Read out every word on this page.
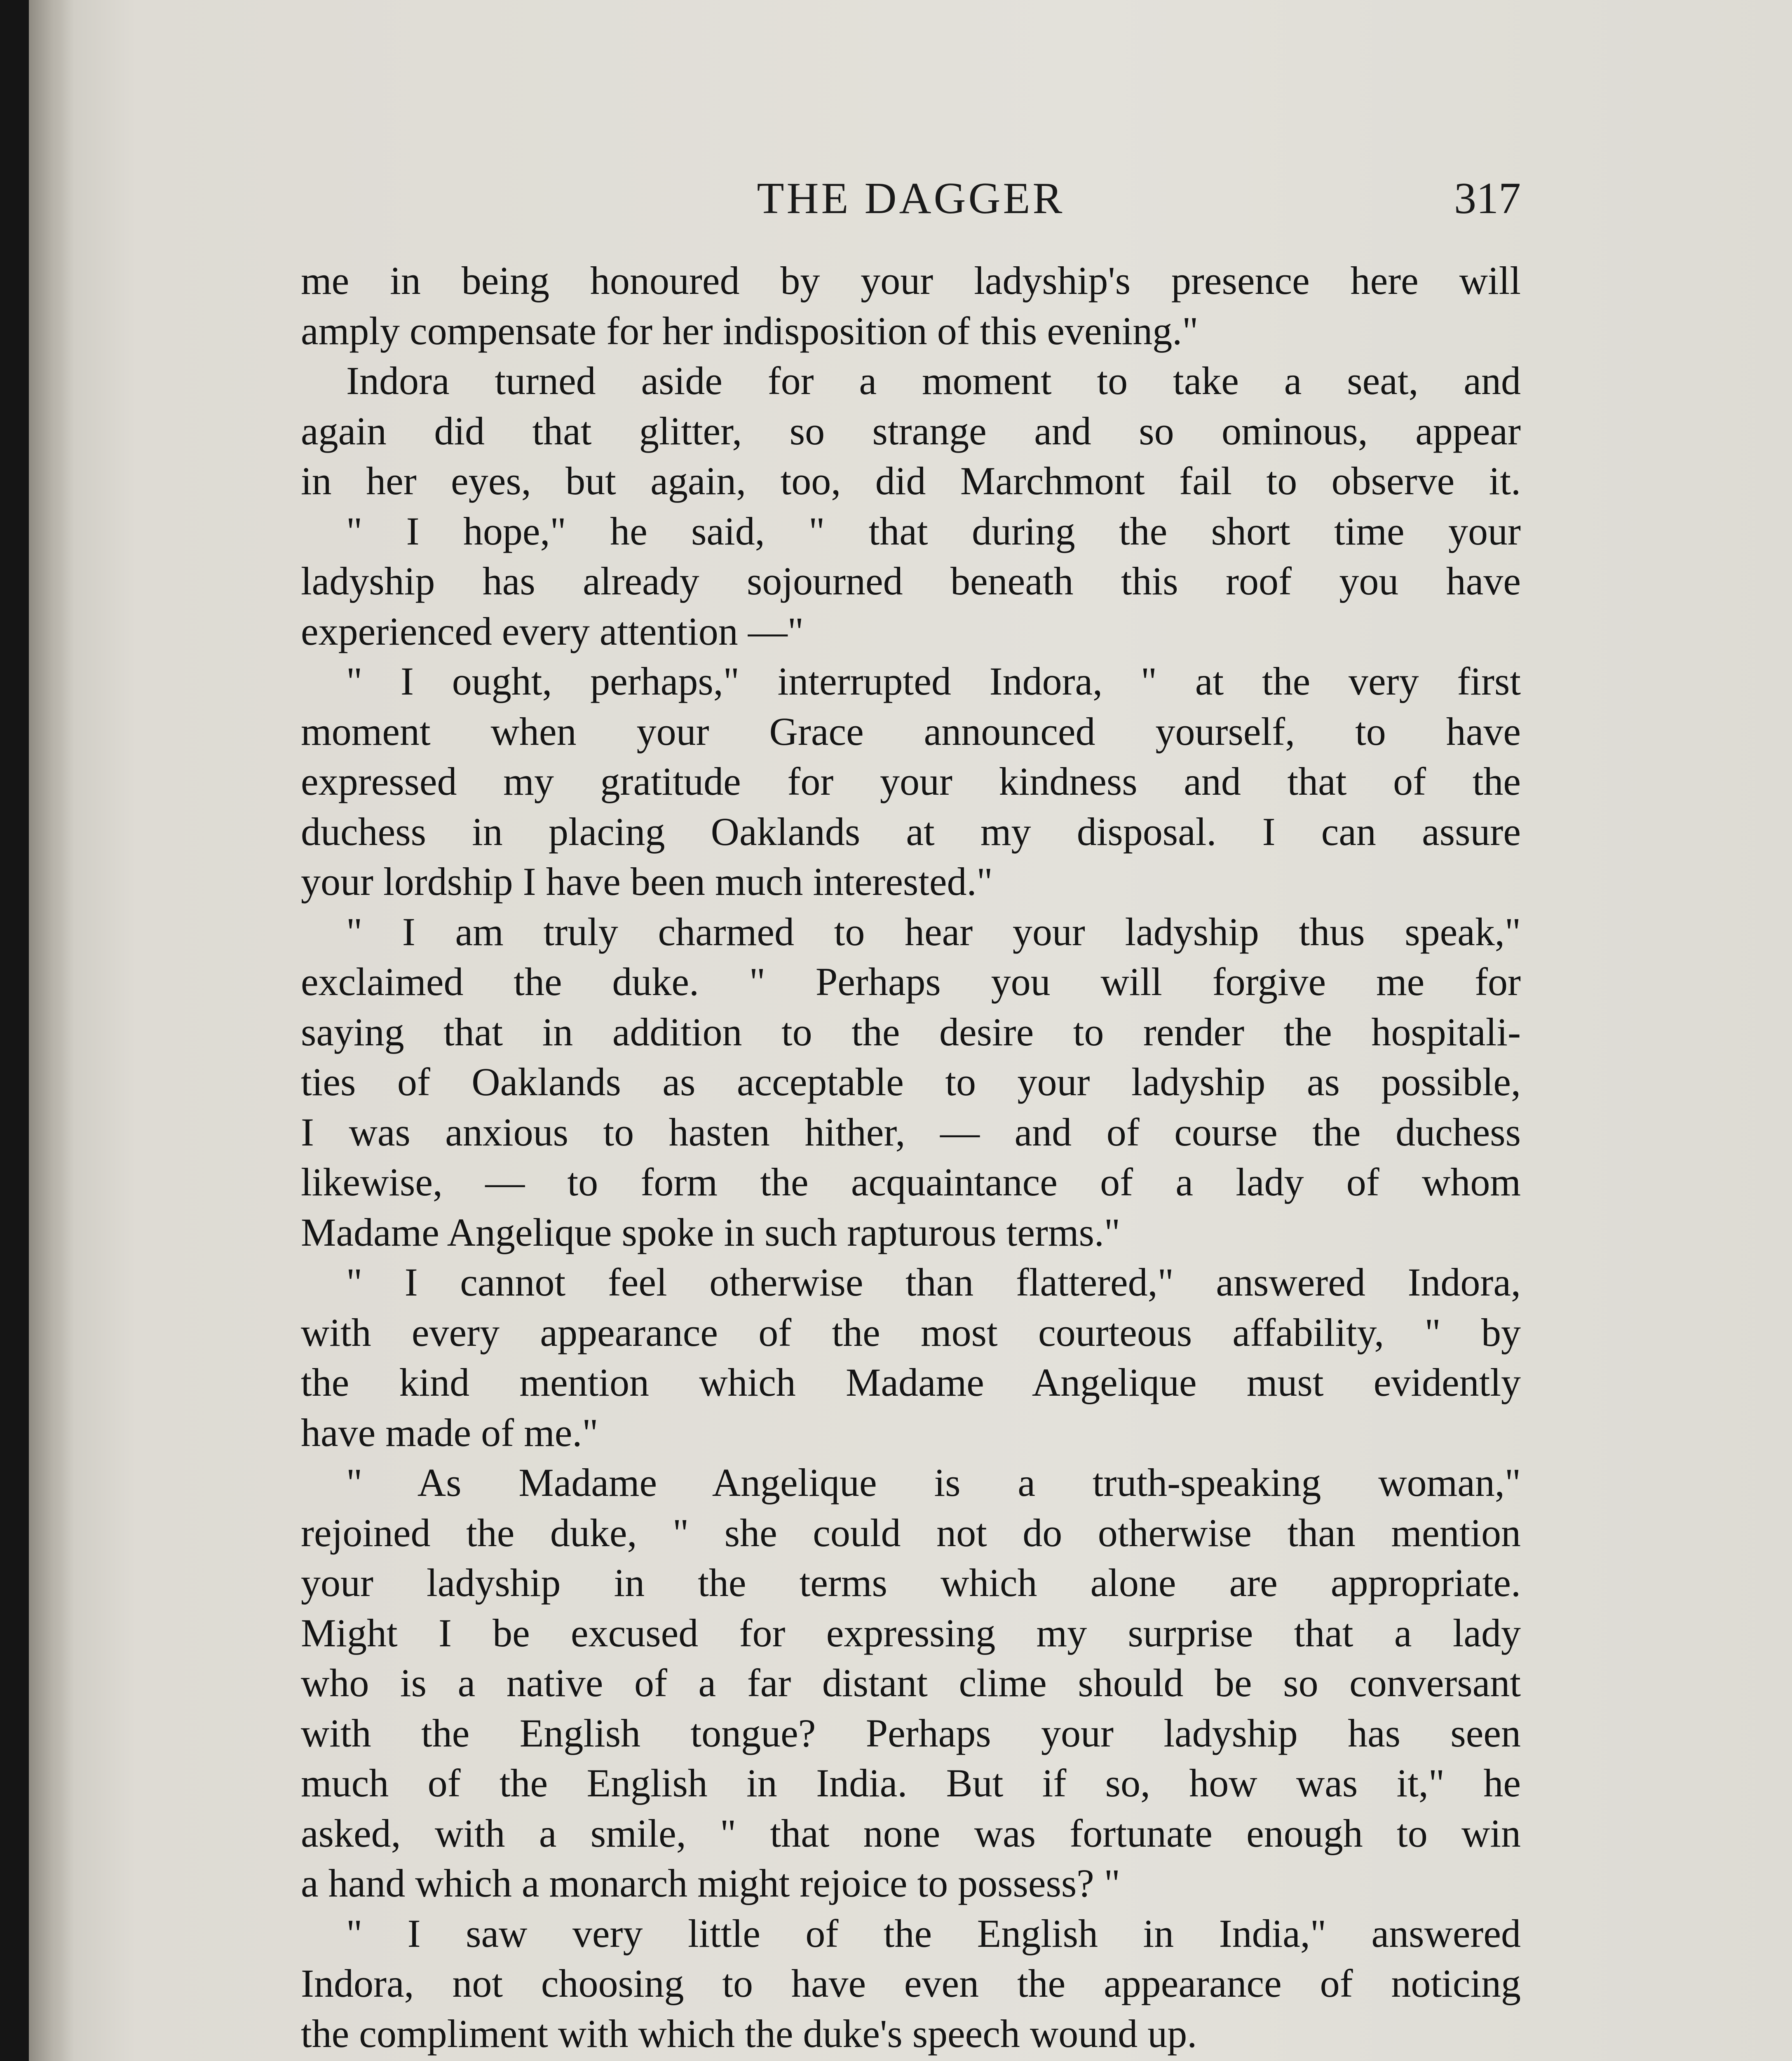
THE DAGGER	317
me in being honoured by your ladyship's presence here will
amply compensate for her indisposition of this evening."
Indora turned aside for a moment to take a seat, and
again did that glitter, so strange and so ominous, appear
in her eyes, but again, too, did Marchmont fail to observe it.
" I hope," he said, " that during the short time your
ladyship has already sojourned beneath this roof you have
experienced every attention —"
" I ought, perhaps," interrupted Indora, " at the very first
moment when your Grace announced yourself, to have
expressed my gratitude for your kindness and that of the
duchess in placing Oaklands at my disposal. I can assure
your lordship I have been much interested."
" I am truly charmed to hear your ladyship thus speak,"
exclaimed the duke. " Perhaps you will forgive me for
saying that in addition to the desire to render the hospitali-
ties of Oaklands as acceptable to your ladyship as possible,
I was anxious to hasten hither, — and of course the duchess
likewise, — to form the acquaintance of a lady of whom
Madame Angelique spoke in such rapturous terms."
" I cannot feel otherwise than flattered," answered Indora,
with every appearance of the most courteous affability, " by
the kind mention which Madame Angelique must evidently
have made of me."
" As Madame Angelique is a truth-speaking woman,"
rejoined the duke, " she could not do otherwise than mention
your ladyship in the terms which alone are appropriate.
Might I be excused for expressing my surprise that a lady
who is a native of a far distant clime should be so conversant
with the English tongue? Perhaps your ladyship has seen
much of the English in India. But if so, how was it," he
asked, with a smile, " that none was fortunate enough to win
a hand which a monarch might rejoice to possess? "
" I saw very little of the English in India," answered
Indora, not choosing to have even the appearance of noticing
the compliment with which the duke's speech wound up.
